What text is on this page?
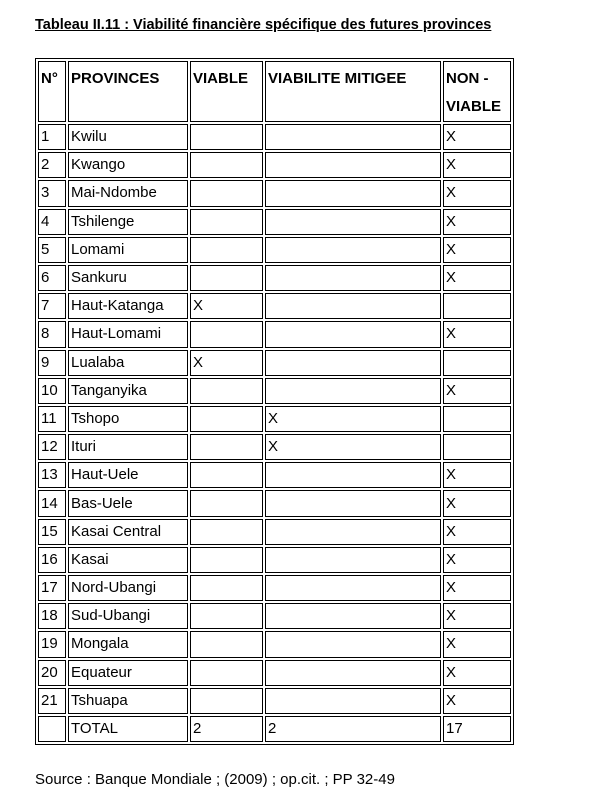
Tableau II.11 : Viabilité financière spécifique des futures provinces
N°	PROVINCES	VIABLE	VIABILITE MITIGEE	NON - VIABLE
1	Kwilu			X
2	Kwango			X
3	Mai-Ndombe			X
4	Tshilenge			X
5	Lomami			X
6	Sankuru			X
7	Haut-Katanga	X		
8	Haut-Lomami			X
9	Lualaba	X		
10	Tanganyika			X
11	Tshopo		X	
12	Ituri		X	
13	Haut-Uele			X
14	Bas-Uele			X
15	Kasai Central			X
16	Kasai			X
17	Nord-Ubangi			X
18	Sud-Ubangi			X
19	Mongala			X
20	Equateur			X
21	Tshuapa			X
	TOTAL	2	2	17
Source : Banque Mondiale ; (2009) ; op.cit. ; PP 32-49
